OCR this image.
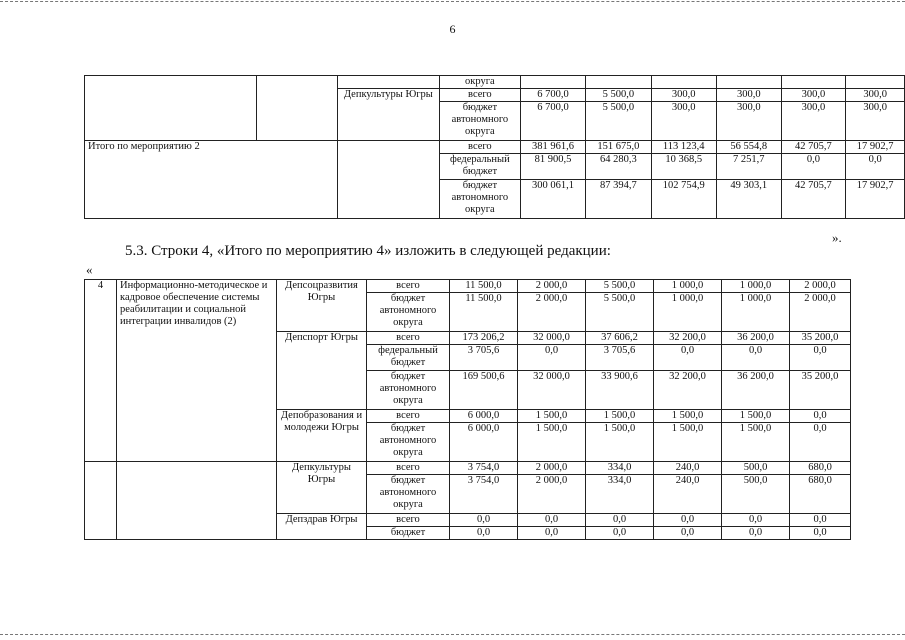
6
			округа						
		Депкультуры Югры	всего	6 700,0	5 500,0	300,0	300,0	300,0	300,0
			бюджет автономного округа	6 700,0	5 500,0	300,0	300,0	300,0	300,0
Итого по мероприятию 2			всего	381 961,6	151 675,0	113 123,4	56 554,8	42 705,7	17 902,7
			федеральный бюджет	81 900,5	64 280,3	10 368,5	7 251,7	0,0	0,0
			бюджет автономного округа	300 061,1	87 394,7	102 754,9	49 303,1	42 705,7	17 902,7
».
5.3. Строки 4, «Итого по мероприятию 4» изложить в следующей редакции:
«
4	Информационно-методическое и кадровое обеспечение системы реабилитации и социальной интеграции инвалидов (2)	Депсоцразвития Югры	всего	11 500,0	2 000,0	5 500,0	1 000,0	1 000,0	2 000,0
			бюджет автономного округа	11 500,0	2 000,0	5 500,0	1 000,0	1 000,0	2 000,0
		Депспорт Югры	всего	173 206,2	32 000,0	37 606,2	32 200,0	36 200,0	35 200,0
			федеральный бюджет	3 705,6	0,0	3 705,6	0,0	0,0	0,0
			бюджет автономного округа	169 500,6	32 000,0	33 900,6	32 200,0	36 200,0	35 200,0
		Депобразования и молодежи Югры	всего	6 000,0	1 500,0	1 500,0	1 500,0	1 500,0	0,0
			бюджет автономного округа	6 000,0	1 500,0	1 500,0	1 500,0	1 500,0	0,0
		Депкультуры Югры	всего	3 754,0	2 000,0	334,0	240,0	500,0	680,0
			бюджет автономного округа	3 754,0	2 000,0	334,0	240,0	500,0	680,0
		Депздрав Югры	всего	0,0	0,0	0,0	0,0	0,0	0,0
			бюджет	0,0	0,0	0,0	0,0	0,0	0,0
